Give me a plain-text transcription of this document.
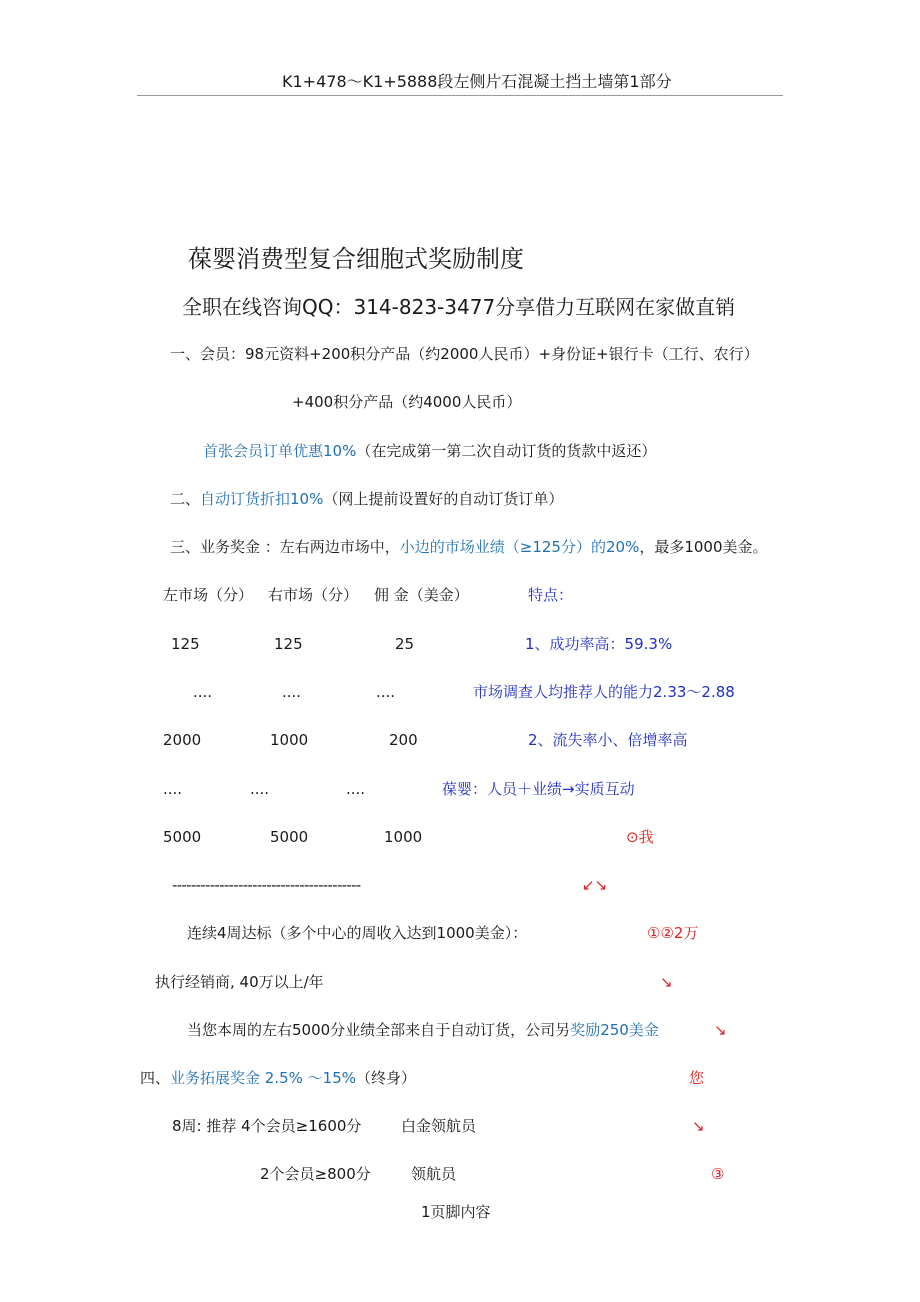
K1+478～K1+5888段左侧片石混凝土挡土墙第1部分
葆婴消费型复合细胞式奖励制度
全职在线咨询QQ：314-823-3477分享借力互联网在家做直销
一、会员：98元资料+200积分产品（约2000人民币）+身份证+银行卡（工行、农行）
+400积分产品（约4000人民币）
首张会员订单优惠10%（在完成第一第二次自动订货的货款中返还）
二、自动订货折扣10%（网上提前设置好的自动订货订单）
三、业务奖金 ：左右两边市场中，小边的市场业绩（≥125分）的20%，最多1000美金。
左市场（分） 右市场（分） 佣 金（美金）	特点：
125	125	25	1、成功率高：59.3%
....	....	....	市场调查人均推荐人的能力2.33～2.88
2000	1000	200	2、流失率小、倍增率高
....	....	....	葆婴：人员＋业绩→实质互动
5000	5000	1000	⊙我
----------------------------------------	↙↘
连续4周达标（多个中心的周收入达到1000美金）：	①②2万
执行经销商, 40万以上/年	↘
当您本周的左右5000分业绩全部来自于自动订货，公司另奖励250美金	↘
四、业务拓展奖金 2.5% ～15%（终身）	您
8周: 推荐 4个会员≥1600分	白金领航员	↘
2个会员≥800分	领航员	③
1页脚内容
